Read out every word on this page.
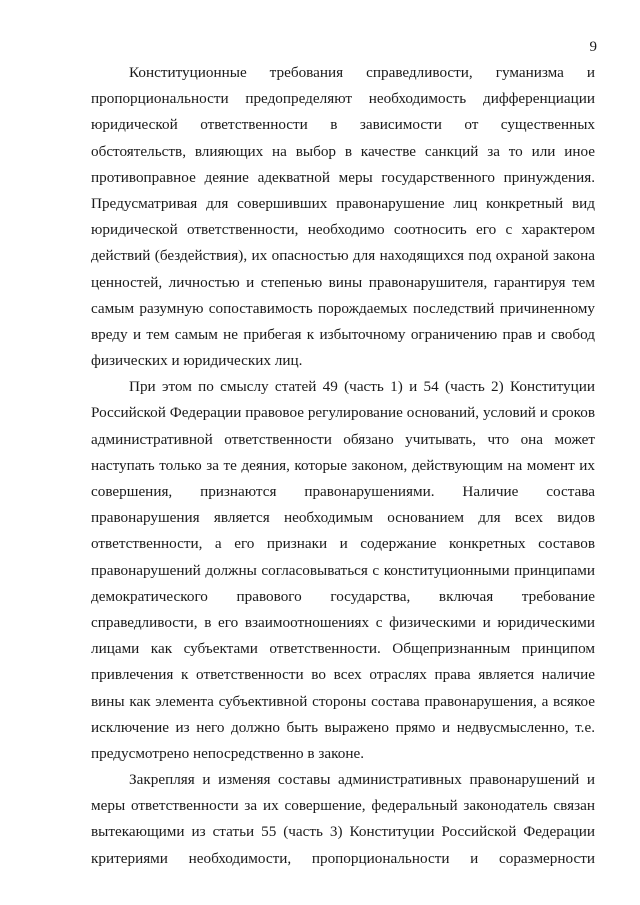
9
Конституционные требования справедливости, гуманизма и
пропорциональности предопределяют необходимость дифференциации
юридической ответственности в зависимости от существенных
обстоятельств, влияющих на выбор в качестве санкций за то или иное
противоправное деяние адекватной меры государственного принуждения.
Предусматривая для совершивших правонарушение лиц конкретный вид
юридической ответственности, необходимо соотносить его с характером
действий (бездействия), их опасностью для находящихся под охраной закона
ценностей, личностью и степенью вины правонарушителя, гарантируя тем
самым разумную сопоставимость порождаемых последствий причиненному
вреду и тем самым не прибегая к избыточному ограничению прав и свобод
физических и юридических лиц.
При этом по смыслу статей 49 (часть 1) и 54 (часть 2) Конституции
Российской Федерации правовое регулирование оснований, условий и сроков
административной ответственности обязано учитывать, что она может
наступать только за те деяния, которые законом, действующим на момент их
совершения, признаются правонарушениями. Наличие состава
правонарушения является необходимым основанием для всех видов
ответственности, а его признаки и содержание конкретных составов
правонарушений должны согласовываться с конституционными принципами
демократического правового государства, включая требование
справедливости, в его взаимоотношениях с физическими и юридическими
лицами как субъектами ответственности. Общепризнанным принципом
привлечения к ответственности во всех отраслях права является наличие
вины как элемента субъективной стороны состава правонарушения, а всякое
исключение из него должно быть выражено прямо и недвусмысленно, т.е.
предусмотрено непосредственно в законе.
Закрепляя и изменяя составы административных правонарушений и
меры ответственности за их совершение, федеральный законодатель связан
вытекающими из статьи 55 (часть 3) Конституции Российской Федерации
критериями необходимости, пропорциональности и соразмерности
